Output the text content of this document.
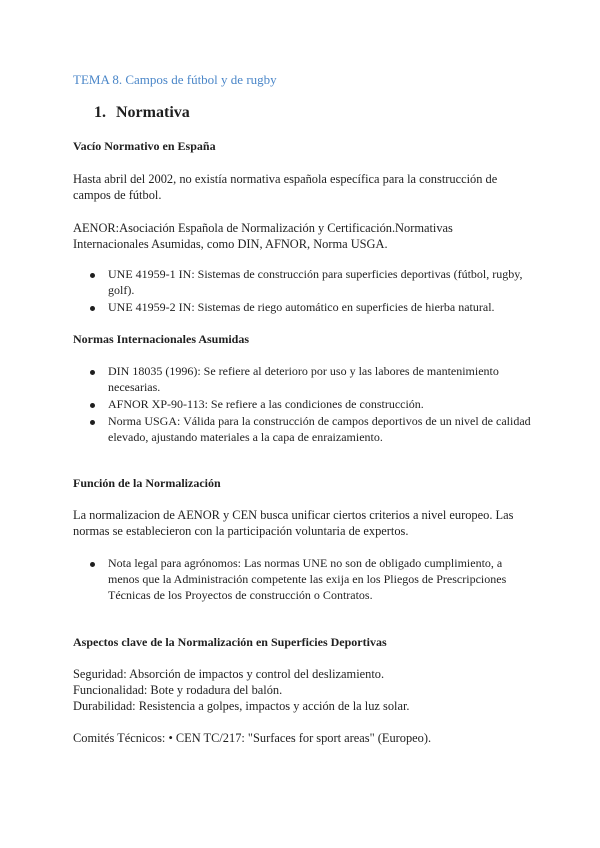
TEMA 8. Campos de fútbol y de rugby
1. Normativa
Vacío Normativo en España
Hasta abril del 2002, no existía normativa española específica para la construcción de campos de fútbol.
AENOR:Asociación Española de Normalización y Certificación.Normativas Internacionales Asumidas, como DIN, AFNOR, Norma USGA.
UNE 41959-1 IN: Sistemas de construcción para superficies deportivas (fútbol, rugby, golf).
UNE 41959-2 IN: Sistemas de riego automático en superficies de hierba natural.
Normas Internacionales Asumidas
DIN 18035 (1996): Se refiere al deterioro por uso y las labores de mantenimiento necesarias.
AFNOR XP-90-113: Se refiere a las condiciones de construcción.
Norma USGA: Válida para la construcción de campos deportivos de un nivel de calidad elevado, ajustando materiales a la capa de enraizamiento.
Función de la Normalización
La normalizacion de AENOR y CEN busca unificar ciertos criterios a nivel europeo. Las normas se establecieron con la participación voluntaria de expertos.
Nota legal para agrónomos: Las normas UNE no son de obligado cumplimiento, a menos que la Administración competente las exija en los Pliegos de Prescripciones Técnicas de los Proyectos de construcción o Contratos.
Aspectos clave de la Normalización en Superficies Deportivas
Seguridad: Absorción de impactos y control del deslizamiento.
Funcionalidad: Bote y rodadura del balón.
Durabilidad: Resistencia a golpes, impactos y acción de la luz solar.
Comités Técnicos: • CEN TC/217: "Surfaces for sport areas" (Europeo).
